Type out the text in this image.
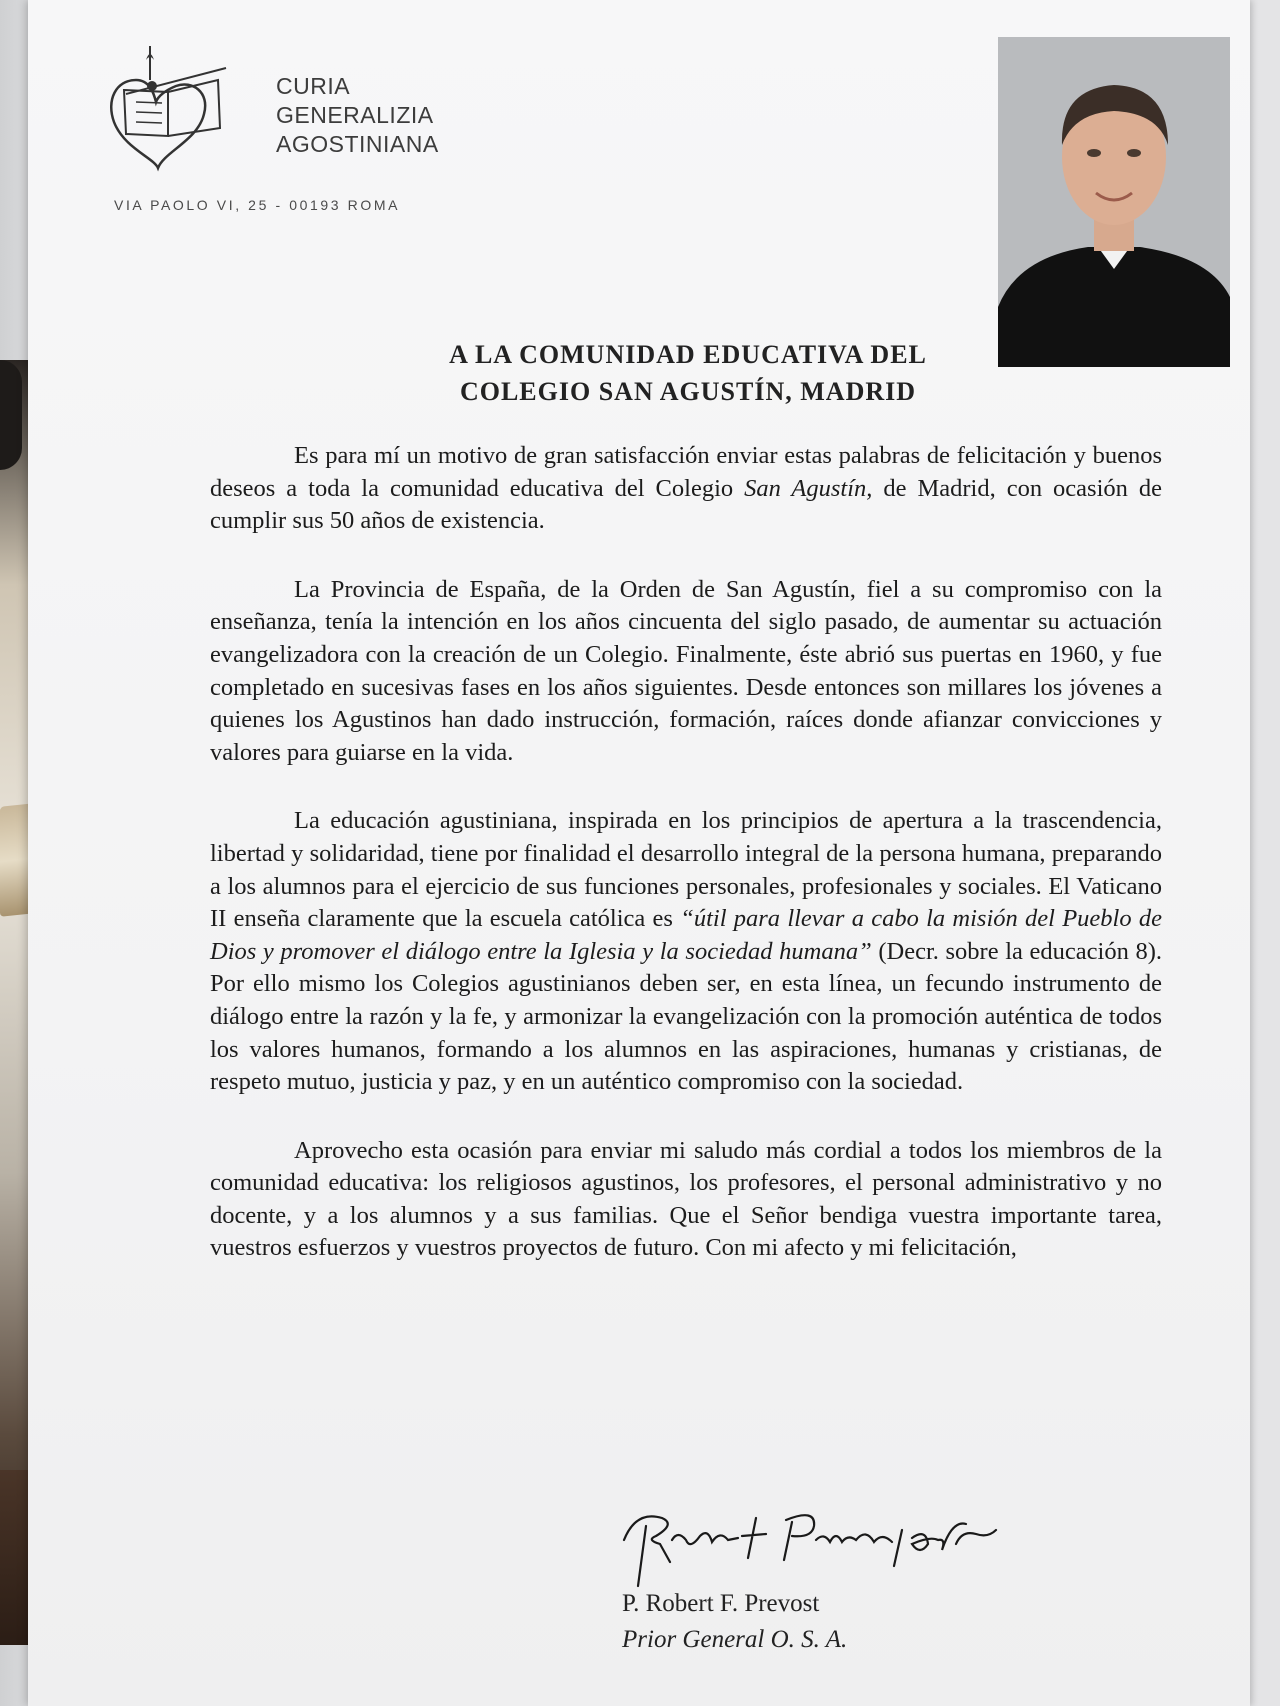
CURIA
GENERALIZIA
AGOSTINIANA
VIA PAOLO VI, 25 - 00193 ROMA
A LA COMUNIDAD EDUCATIVA DEL
COLEGIO SAN AGUSTÍN, MADRID

Es para mí un motivo de gran satisfacción enviar estas palabras de felicitación y buenos deseos a toda la comunidad educativa del Colegio San Agustín, de Madrid, con ocasión de cumplir sus 50 años de existencia.

La Provincia de España, de la Orden de San Agustín, fiel a su compromiso con la enseñanza, tenía la intención en los años cincuenta del siglo pasado, de aumentar su actuación evangelizadora con la creación de un Colegio. Finalmente, éste abrió sus puertas en 1960, y fue completado en sucesivas fases en los años siguientes. Desde entonces son millares los jóvenes a quienes los Agustinos han dado instrucción, formación, raíces donde afianzar convicciones y valores para guiarse en la vida.

La educación agustiniana, inspirada en los principios de apertura a la trascendencia, libertad y solidaridad, tiene por finalidad el desarrollo integral de la persona humana, preparando a los alumnos para el ejercicio de sus funciones personales, profesionales y sociales. El Vaticano II enseña claramente que la escuela católica es “útil para llevar a cabo la misión del Pueblo de Dios y promover el diálogo entre la Iglesia y la sociedad humana” (Decr. sobre la educación 8). Por ello mismo los Colegios agustinianos deben ser, en esta línea, un fecundo instrumento de diálogo entre la razón y la fe, y armonizar la evangelización con la promoción auténtica de todos los valores humanos, formando a los alumnos en las aspiraciones, humanas y cristianas, de respeto mutuo, justicia y paz, y en un auténtico compromiso con la sociedad.

Aprovecho esta ocasión para enviar mi saludo más cordial a todos los miembros de la comunidad educativa: los religiosos agustinos, los profesores, el personal administrativo y no docente, y a los alumnos y a sus familias. Que el Señor bendiga vuestra importante tarea, vuestros esfuerzos y vuestros proyectos de futuro. Con mi afecto y mi felicitación,

P. Robert F. Prevost
Prior General O. S. A.
